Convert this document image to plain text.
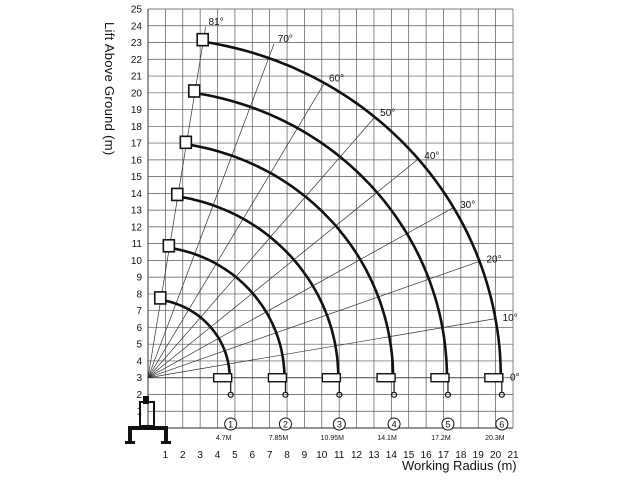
81°
70°
60°
50°
40°
30°
20°
10°
0°
1
4.7M
2
7.85M
3
10.95M
4
14.1M
5
17.2M
6
20.3M
1 2 3 4 5 6 7 8 9 10 11 12 13 14 15 16 17 18 19 20 21
1
2
3
4
5
6
7
8
9
10
11
12
13
14
15
16
17
18
19
20
21
22
23
24
25
Lift Above Ground (m)
Working Radius (m)
